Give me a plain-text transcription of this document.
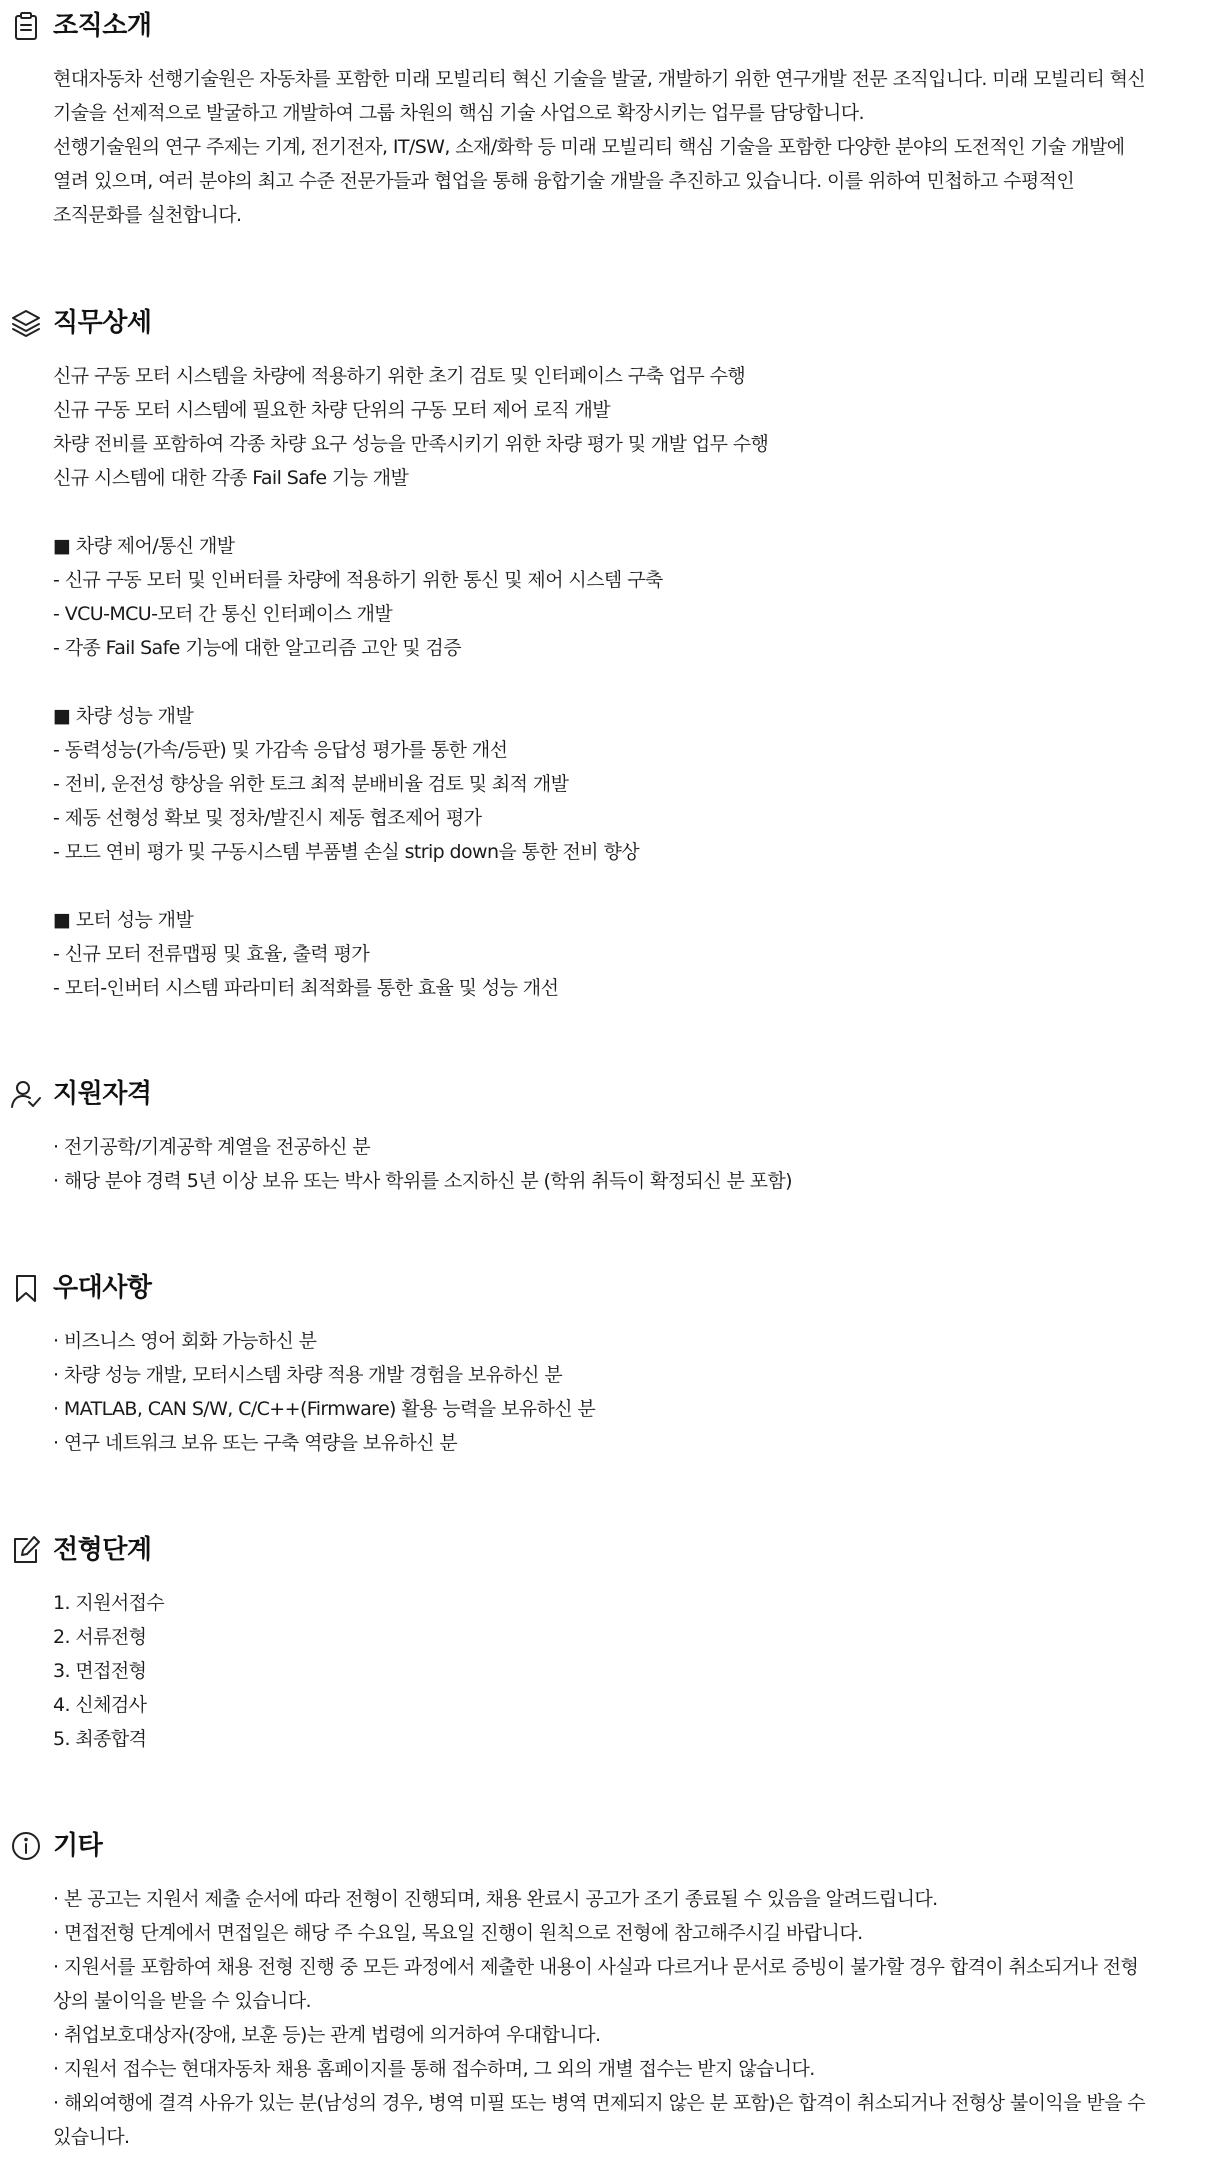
조직소개
현대자동차 선행기술원은 자동차를 포함한 미래 모빌리티 혁신 기술을 발굴, 개발하기 위한 연구개발 전문 조직입니다. 미래 모빌리티 혁신
기술을 선제적으로 발굴하고 개발하여 그룹 차원의 핵심 기술 사업으로 확장시키는 업무를 담당합니다.
선행기술원의 연구 주제는 기계, 전기전자, IT/SW, 소재/화학 등 미래 모빌리티 핵심 기술을 포함한 다양한 분야의 도전적인 기술 개발에
열려 있으며, 여러 분야의 최고 수준 전문가들과 협업을 통해 융합기술 개발을 추진하고 있습니다. 이를 위하여 민첩하고 수평적인
조직문화를 실천합니다.
직무상세
신규 구동 모터 시스템을 차량에 적용하기 위한 초기 검토 및 인터페이스 구축 업무 수행
신규 구동 모터 시스템에 필요한 차량 단위의 구동 모터 제어 로직 개발
차량 전비를 포함하여 각종 차량 요구 성능을 만족시키기 위한 차량 평가 및 개발 업무 수행
신규 시스템에 대한 각종 Fail Safe 기능 개발
■ 차량 제어/통신 개발
- 신규 구동 모터 및 인버터를 차량에 적용하기 위한 통신 및 제어 시스템 구축
- VCU-MCU-모터 간 통신 인터페이스 개발
- 각종 Fail Safe 기능에 대한 알고리즘 고안 및 검증
■ 차량 성능 개발
- 동력성능(가속/등판) 및 가감속 응답성 평가를 통한 개선
- 전비, 운전성 향상을 위한 토크 최적 분배비율 검토 및 최적 개발
- 제동 선형성 확보 및 정차/발진시 제동 협조제어 평가
- 모드 연비 평가 및 구동시스템 부품별 손실 strip down을 통한 전비 향상
■ 모터 성능 개발
- 신규 모터 전류맵핑 및 효율, 출력 평가
- 모터-인버터 시스템 파라미터 최적화를 통한 효율 및 성능 개선
지원자격
· 전기공학/기계공학 계열을 전공하신 분
· 해당 분야 경력 5년 이상 보유 또는 박사 학위를 소지하신 분 (학위 취득이 확정되신 분 포함)
우대사항
· 비즈니스 영어 회화 가능하신 분
· 차량 성능 개발, 모터시스템 차량 적용 개발 경험을 보유하신 분
· MATLAB, CAN S/W, C/C++(Firmware) 활용 능력을 보유하신 분
· 연구 네트워크 보유 또는 구축 역량을 보유하신 분
전형단계
1. 지원서접수
2. 서류전형
3. 면접전형
4. 신체검사
5. 최종합격
기타
· 본 공고는 지원서 제출 순서에 따라 전형이 진행되며, 채용 완료시 공고가 조기 종료될 수 있음을 알려드립니다.
· 면접전형 단계에서 면접일은 해당 주 수요일, 목요일 진행이 원칙으로 전형에 참고해주시길 바랍니다.
· 지원서를 포함하여 채용 전형 진행 중 모든 과정에서 제출한 내용이 사실과 다르거나 문서로 증빙이 불가할 경우 합격이 취소되거나 전형
상의 불이익을 받을 수 있습니다.
· 취업보호대상자(장애, 보훈 등)는 관계 법령에 의거하여 우대합니다.
· 지원서 접수는 현대자동차 채용 홈페이지를 통해 접수하며, 그 외의 개별 접수는 받지 않습니다.
· 해외여행에 결격 사유가 있는 분(남성의 경우, 병역 미필 또는 병역 면제되지 않은 분 포함)은 합격이 취소되거나 전형상 불이익을 받을 수
있습니다.
